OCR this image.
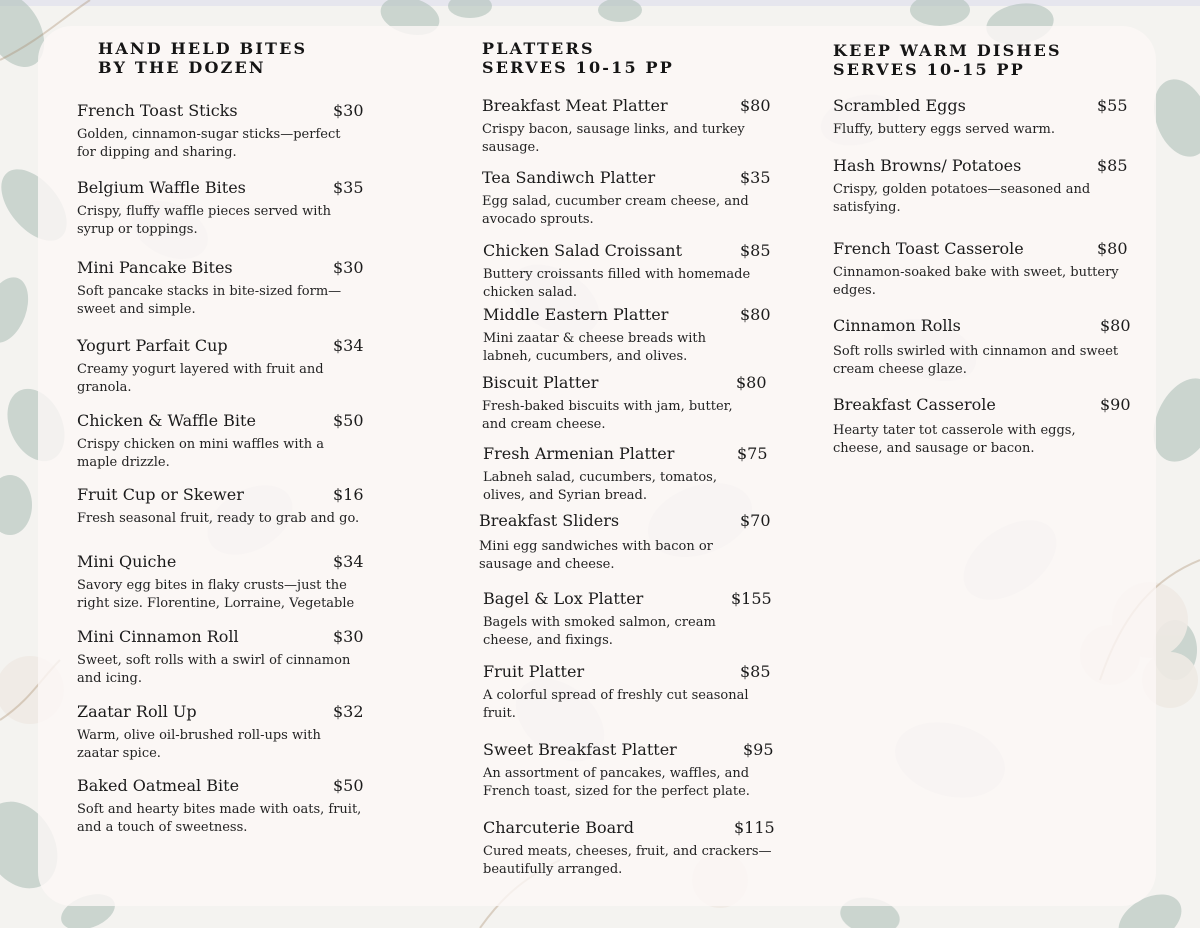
HAND HELD BITES
BY THE DOZEN
French Toast Sticks	$30
Golden, cinnamon-sugar sticks—perfect for dipping and sharing.
Belgium Waffle Bites	$35
Crispy, fluffy waffle pieces served with syrup or toppings.
Mini Pancake Bites	$30
Soft pancake stacks in bite-sized form—sweet and simple.
Yogurt Parfait Cup	$34
Creamy yogurt layered with fruit and granola.
Chicken & Waffle Bite	$50
Crispy chicken on mini waffles with a maple drizzle.
Fruit Cup or Skewer	$16
Fresh seasonal fruit, ready to grab and go.
Mini Quiche	$34
Savory egg bites in flaky crusts—just the right size. Florentine, Lorraine, Vegetable
Mini Cinnamon Roll	$30
Sweet, soft rolls with a swirl of cinnamon and icing.
Zaatar Roll Up	$32
Warm, olive oil-brushed roll-ups with zaatar spice.
Baked Oatmeal Bite	$50
Soft and hearty bites made with oats, fruit, and a touch of sweetness.
PLATTERS
SERVES 10-15 PP
Breakfast Meat Platter	$80
Crispy bacon, sausage links, and turkey sausage.
Tea Sandiwch Platter	$35
Egg salad, cucumber cream cheese, and avocado sprouts.
Chicken Salad Croissant	$85
Buttery croissants filled with homemade chicken salad.
Middle Eastern Platter	$80
Mini zaatar & cheese breads with labneh, cucumbers, and olives.
Biscuit Platter	$80
Fresh-baked biscuits with jam, butter, and cream cheese.
Fresh Armenian Platter	$75
Labneh salad, cucumbers, tomatos, olives, and Syrian bread.
Breakfast Sliders	$70
Mini egg sandwiches with bacon or sausage and cheese.
Bagel & Lox Platter	$155
Bagels with smoked salmon, cream cheese, and fixings.
Fruit Platter	$85
A colorful spread of freshly cut seasonal fruit.
Sweet Breakfast Platter	$95
An assortment of pancakes, waffles, and French toast, sized for the perfect plate.
Charcuterie Board	$115
Cured meats, cheeses, fruit, and crackers—beautifully arranged.
KEEP WARM DISHES
SERVES 10-15 PP
Scrambled Eggs	$55
Fluffy, buttery eggs served warm.
Hash Browns/ Potatoes	$85
Crispy, golden potatoes—seasoned and satisfying.
French Toast Casserole	$80
Cinnamon-soaked bake with sweet, buttery edges.
Cinnamon Rolls	$80
Soft rolls swirled with cinnamon and sweet cream cheese glaze.
Breakfast Casserole	$90
Hearty tater tot casserole with eggs, cheese, and sausage or bacon.
